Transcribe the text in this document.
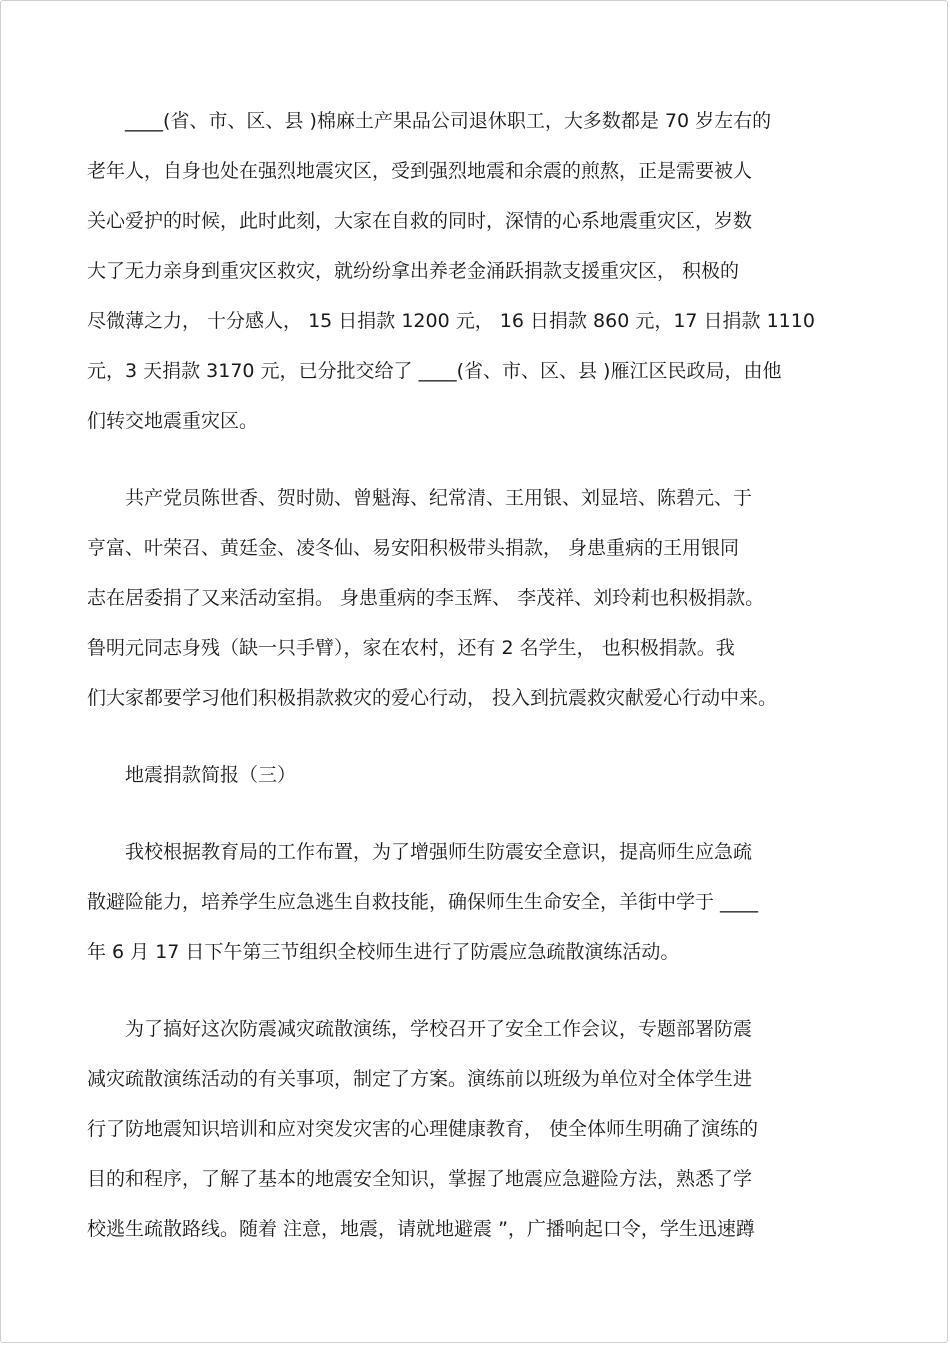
　　____(省、市、区、县 )棉麻土产果品公司退休职工，大多数都是 70 岁左右的
老年人，自身也处在强烈地震灾区，受到强烈地震和余震的煎熬，正是需要被人
关心爱护的时候，此时此刻，大家在自救的同时，深情的心系地震重灾区，岁数
大了无力亲身到重灾区救灾，就纷纷拿出养老金涌跃捐款支援重灾区， 积极的
尽微薄之力， 十分感人， 15 日捐款 1200 元， 16 日捐款 860 元，17 日捐款 1110
元，3 天捐款 3170 元，已分批交给了 ____(省、市、区、县 )雁江区民政局，由他
们转交地震重灾区。
　　共产党员陈世香、贺时勋、曾魁海、纪常清、王用银、刘显培、陈碧元、于
亨富、叶荣召、黄廷金、凌冬仙、易安阳积极带头捐款， 身患重病的王用银同
志在居委捐了又来活动室捐。 身患重病的李玉辉、 李茂祥、刘玲莉也积极捐款。
鲁明元同志身残（缺一只手臂），家在农村，还有 2 名学生， 也积极捐款。我
们大家都要学习他们积极捐款救灾的爱心行动， 投入到抗震救灾献爱心行动中来。
　　地震捐款简报（三）
　　我校根据教育局的工作布置，为了增强师生防震安全意识，提高师生应急疏
散避险能力，培养学生应急逃生自救技能，确保师生生命安全，羊街中学于 ____
年 6 月 17 日下午第三节组织全校师生进行了防震应急疏散演练活动。
　　为了搞好这次防震减灾疏散演练，学校召开了安全工作会议，专题部署防震
减灾疏散演练活动的有关事项，制定了方案。演练前以班级为单位对全体学生进
行了防地震知识培训和应对突发灾害的心理健康教育， 使全体师生明确了演练的
目的和程序，了解了基本的地震安全知识，掌握了地震应急避险方法，熟悉了学
校逃生疏散路线。随着 注意，地震，请就地避震 ”，广播响起口令，学生迅速蹲
